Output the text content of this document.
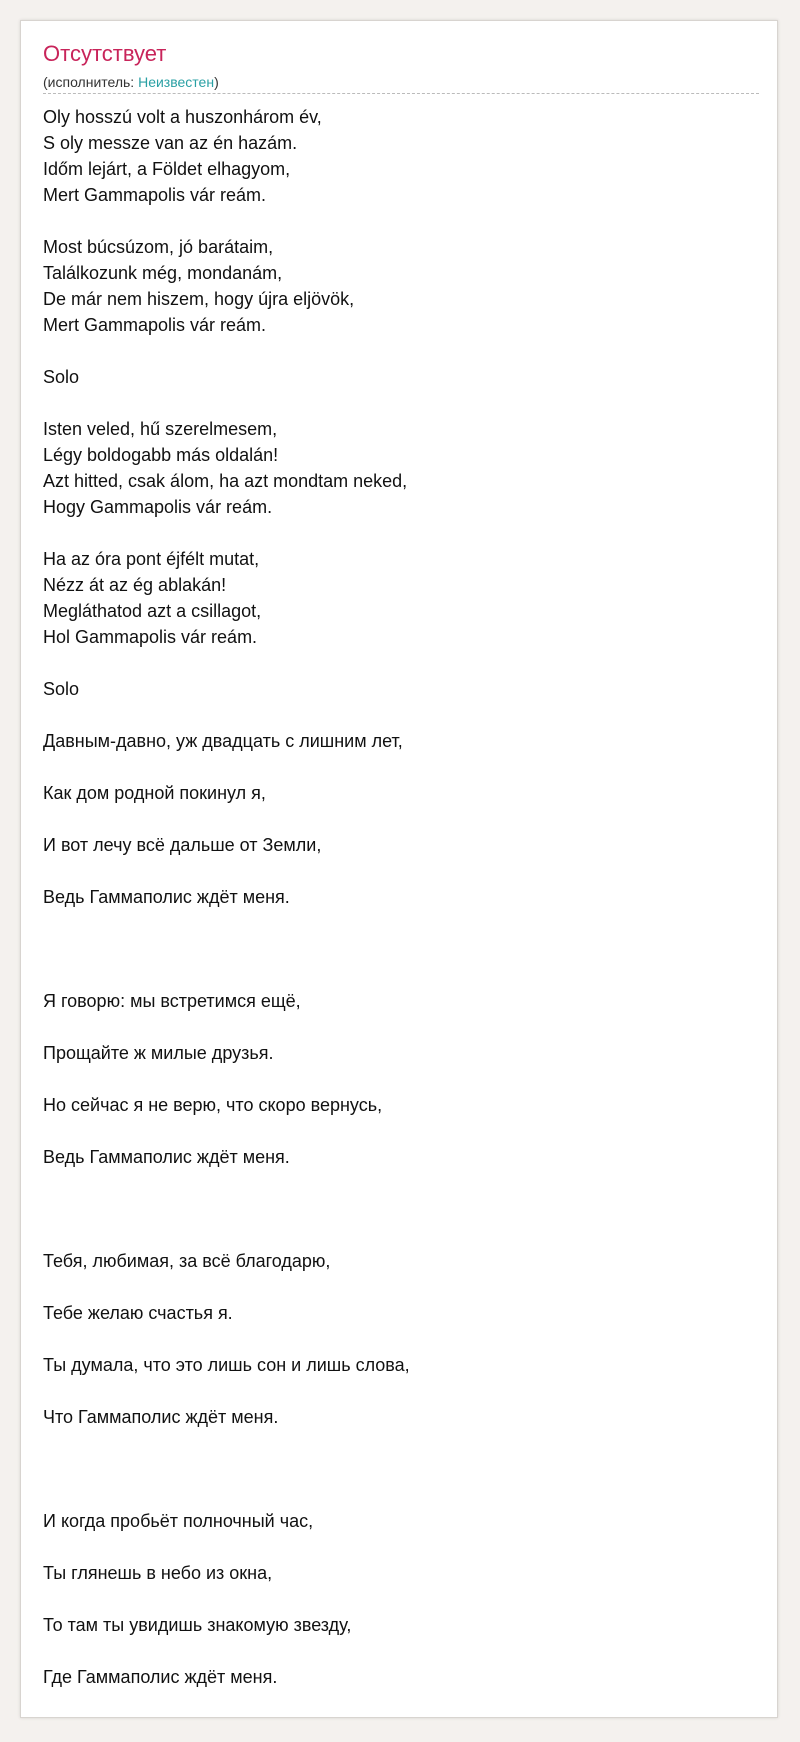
Отсутствует
(исполнитель: Неизвестен)
Oly hosszú volt a huszonhárom év,
S oly messze van az én hazám.
Időm lejárt, a Földet elhagyom,
Mert Gammapolis vár reám.
Most búcsúzom, jó barátaim,
Találkozunk még, mondanám,
De már nem hiszem, hogy újra eljövök,
Mert Gammapolis vár reám.
Solo
Isten veled, hű szerelmesem,
Légy boldogabb más oldalán!
Azt hitted, csak álom, ha azt mondtam neked,
Hogy Gammapolis vár reám.
Ha az óra pont éjfélt mutat,
Nézz át az ég ablakán!
Megláthatod azt a csillagot,
Hol Gammapolis vár reám.
Solo
Давным-давно, уж двадцать с лишним лет,
Как дом родной покинул я,
И вот лечу всё дальше от Земли,
Ведь Гаммаполис ждёт меня.
Я говорю: мы встретимся ещё,
Прощайте ж милые друзья.
Но сейчас я не верю, что скоро вернусь,
Ведь Гаммаполис ждёт меня.
Тебя, любимая, за всё благодарю,
Тебе желаю счастья я.
Ты думала, что это лишь сон и лишь слова,
Что Гаммаполис ждёт меня.
И когда пробьёт полночный час,
Ты глянешь в небо из окна,
То там ты увидишь знакомую звезду,
Где Гаммаполис ждёт меня.
